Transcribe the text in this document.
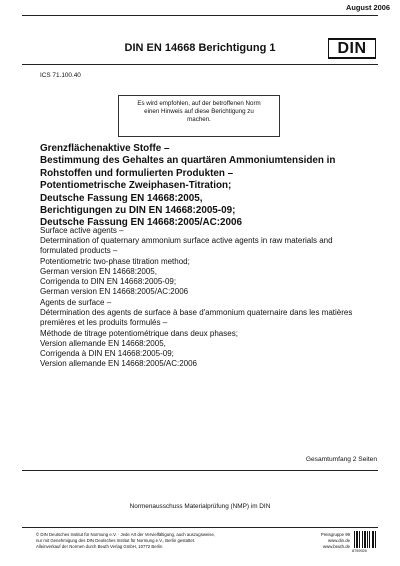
August 2006
DIN EN 14668 Berichtigung 1	DIN
ICS 71.100.40
Es wird empfohlen, auf der betroffenen Norm
einen Hinweis auf diese Berichtigung zu
machen.
Grenzflächenaktive Stoffe –
Bestimmung des Gehaltes an quartären Ammoniumtensiden in
Rohstoffen und formulierten Produkten –
Potentiometrische Zweiphasen-Titration;
Deutsche Fassung EN 14668:2005,
Berichtigungen zu DIN EN 14668:2005-09;
Deutsche Fassung EN 14668:2005/AC:2006
Surface active agents –
Determination of quaternary ammonium surface active agents in raw materials and
formulated products –
Potentiometric two-phase titration method;
German version EN 14668:2005,
Corrigenda to DIN EN 14668:2005-09;
German version EN 14668:2005/AC:2006
Agents de surface –
Détermination des agents de surface à base d'ammonium quaternaire dans les matières
premières et les produits formulés –
Méthode de titrage potentiométrique dans deux phases;
Version allemande EN 14668:2005,
Corrigenda à DIN EN 14668:2005-09;
Version allemande EN 14668:2005/AC:2006
Gesamtumfang 2 Seiten
Normenausschuss Materialprüfung (NMP) im DIN
© DIN Deutsches Institut für Normung e.V. · Jede Art der Vervielfältigung, auch auszugsweise,
nur mit Genehmigung des DIN Deutsches Institut für Normung e.V., Berlin gestattet.
Alleinverkauf der Normen durch Beuth Verlag GmbH, 10772 Berlin
Preisgruppe 99
www.din.de
www.beuth.de
8759926
